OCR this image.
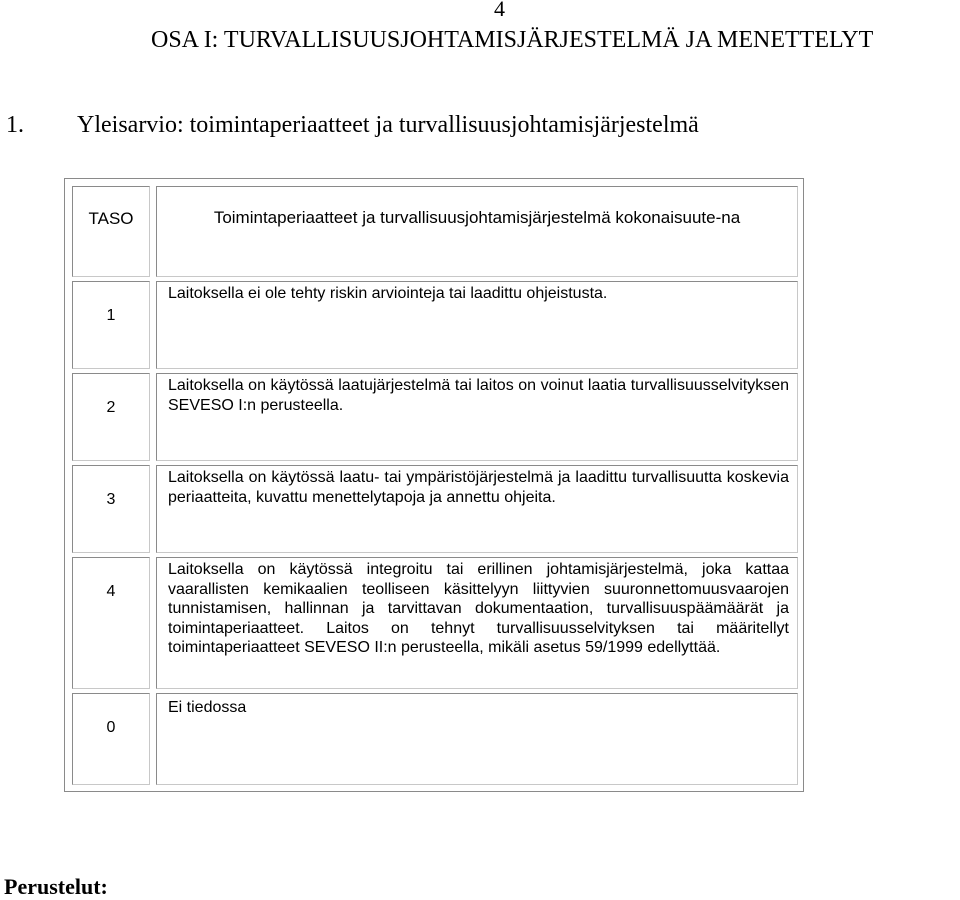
4
OSA I: TURVALLISUUSJOHTAMISJÄRJESTELMÄ JA MENETTELYT
1. Yleisarvio: toimintaperiaatteet ja turvallisuusjohtamisjärjestelmä
TASO	Toimintaperiaatteet ja turvallisuusjohtamisjärjestelmä kokonaisuute-na
1
Laitoksella ei ole tehty riskin arviointeja tai laadittu ohjeistusta.
2
Laitoksella on käytössä laatujärjestelmä tai laitos on voinut laatia turvallisuusselvityksen SEVESO I:n perusteella.
3
Laitoksella on käytössä laatu- tai ympäristöjärjestelmä ja laadittu turvallisuutta koskevia periaatteita, kuvattu menettelytapoja ja annettu ohjeita.
4
Laitoksella on käytössä integroitu tai erillinen johtamisjärjestelmä, joka kattaa vaarallisten kemikaalien teolliseen käsittelyyn liittyvien suuronnettomuusvaarojen tunnistamisen, hallinnan ja tarvittavan dokumentaation, turvallisuuspäämäärät ja toimintaperiaatteet. Laitos on tehnyt turvallisuusselvityksen tai määritellyt toimintaperiaatteet SEVESO II:n perusteella, mikäli asetus 59/1999 edellyttää.
0
Ei tiedossa
Perustelut:
